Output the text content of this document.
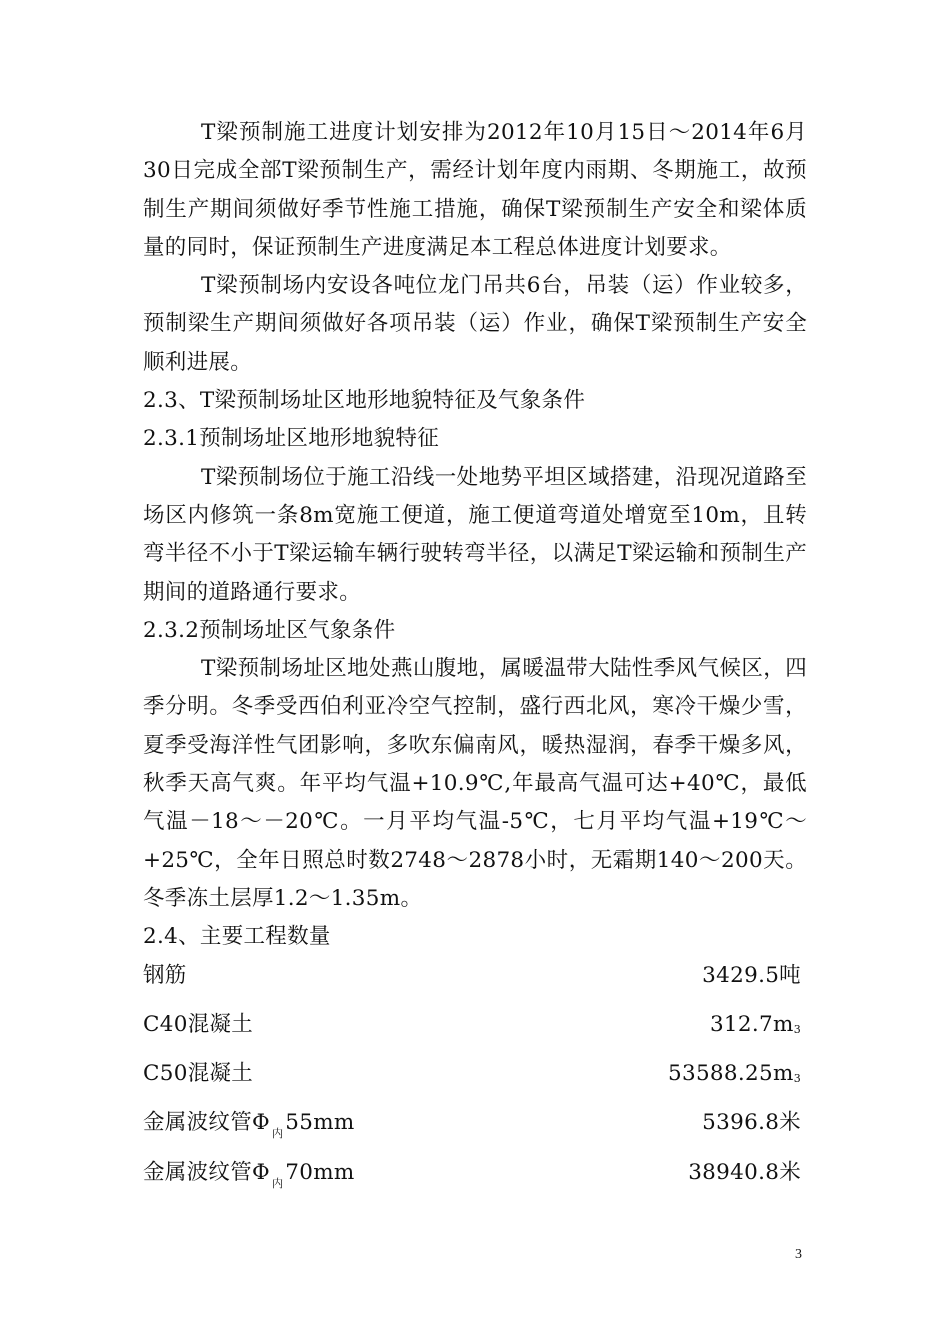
T梁预制施工进度计划安排为2012年10月15日～2014年6月30日完成全部T梁预制生产，需经计划年度内雨期、冬期施工，故预制生产期间须做好季节性施工措施，确保T梁预制生产安全和梁体质量的同时，保证预制生产进度满足本工程总体进度计划要求。

T梁预制场内安设各吨位龙门吊共6台，吊装（运）作业较多，预制梁生产期间须做好各项吊装（运）作业，确保T梁预制生产安全顺利进展。

2.3、T梁预制场址区地形地貌特征及气象条件

2.3.1预制场址区地形地貌特征

T梁预制场位于施工沿线一处地势平坦区域搭建，沿现况道路至场区内修筑一条8m宽施工便道，施工便道弯道处增宽至10m，且转弯半径不小于T梁运输车辆行驶转弯半径，以满足T梁运输和预制生产期间的道路通行要求。

2.3.2预制场址区气象条件

T梁预制场址区地处燕山腹地，属暖温带大陆性季风气候区，四季分明。冬季受西伯利亚冷空气控制，盛行西北风，寒冷干燥少雪，夏季受海洋性气团影响，多吹东偏南风，暖热湿润，春季干燥多风，秋季天高气爽。年平均气温+10.9℃,年最高气温可达+40℃，最低气温－18～－20℃。一月平均气温-5℃，七月平均气温+19℃～+25℃，全年日照总时数2748～2878小时，无霜期140～200天。冬季冻土层厚1.2～1.35m。

2.4、主要工程数量

钢筋	3429.5吨
C40混凝土	312.7m3
C50混凝土	53588.25m3
金属波纹管Φ $_内$55mm	5396.8米
金属波纹管Φ $_内$70mm	38940.8米
3
